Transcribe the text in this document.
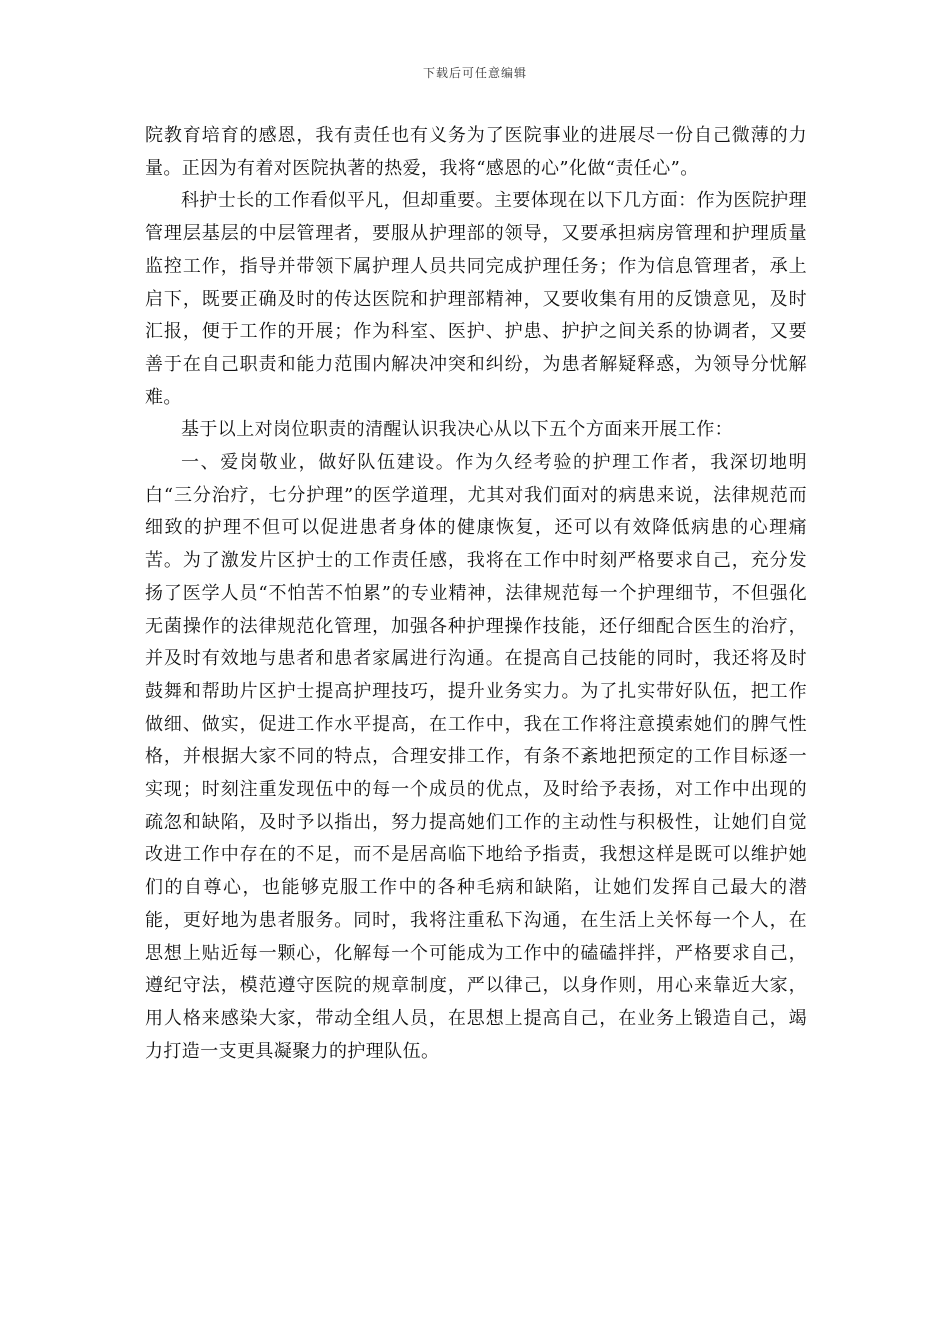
下载后可任意编辑

院教育培育的感恩，我有责任也有义务为了医院事业的进展尽一份自己微薄的力量。正因为有着对医院执著的热爱，我将“感恩的心”化做“责任心”。

科护士长的工作看似平凡，但却重要。主要体现在以下几方面：作为医院护理管理层基层的中层管理者，要服从护理部的领导，又要承担病房管理和护理质量监控工作，指导并带领下属护理人员共同完成护理任务；作为信息管理者，承上启下，既要正确及时的传达医院和护理部精神，又要收集有用的反馈意见，及时汇报，便于工作的开展；作为科室、医护、护患、护护之间关系的协调者，又要善于在自己职责和能力范围内解决冲突和纠纷，为患者解疑释惑，为领导分忧解难。

基于以上对岗位职责的清醒认识我决心从以下五个方面来开展工作：

一、爱岗敬业，做好队伍建设。作为久经考验的护理工作者，我深切地明白“三分治疗，七分护理”的医学道理，尤其对我们面对的病患来说，法律规范而细致的护理不但可以促进患者身体的健康恢复，还可以有效降低病患的心理痛苦。为了激发片区护士的工作责任感，我将在工作中时刻严格要求自己，充分发扬了医学人员“不怕苦不怕累”的专业精神，法律规范每一个护理细节，不但强化无菌操作的法律规范化管理，加强各种护理操作技能，还仔细配合医生的治疗，并及时有效地与患者和患者家属进行沟通。在提高自己技能的同时，我还将及时鼓舞和帮助片区护士提高护理技巧，提升业务实力。为了扎实带好队伍，把工作做细、做实，促进工作水平提高，在工作中，我在工作将注意摸索她们的脾气性格，并根据大家不同的特点，合理安排工作，有条不紊地把预定的工作目标逐一实现；时刻注重发现伍中的每一个成员的优点，及时给予表扬，对工作中出现的疏忽和缺陷，及时予以指出，努力提高她们工作的主动性与积极性，让她们自觉改进工作中存在的不足，而不是居高临下地给予指责，我想这样是既可以维护她们的自尊心，也能够克服工作中的各种毛病和缺陷，让她们发挥自己最大的潜能，更好地为患者服务。同时，我将注重私下沟通，在生活上关怀每一个人，在思想上贴近每一颗心，化解每一个可能成为工作中的磕磕拌拌，严格要求自己，遵纪守法，模范遵守医院的规章制度，严以律己，以身作则，用心来靠近大家，用人格来感染大家，带动全组人员，在思想上提高自己，在业务上锻造自己，竭力打造一支更具凝聚力的护理队伍。
